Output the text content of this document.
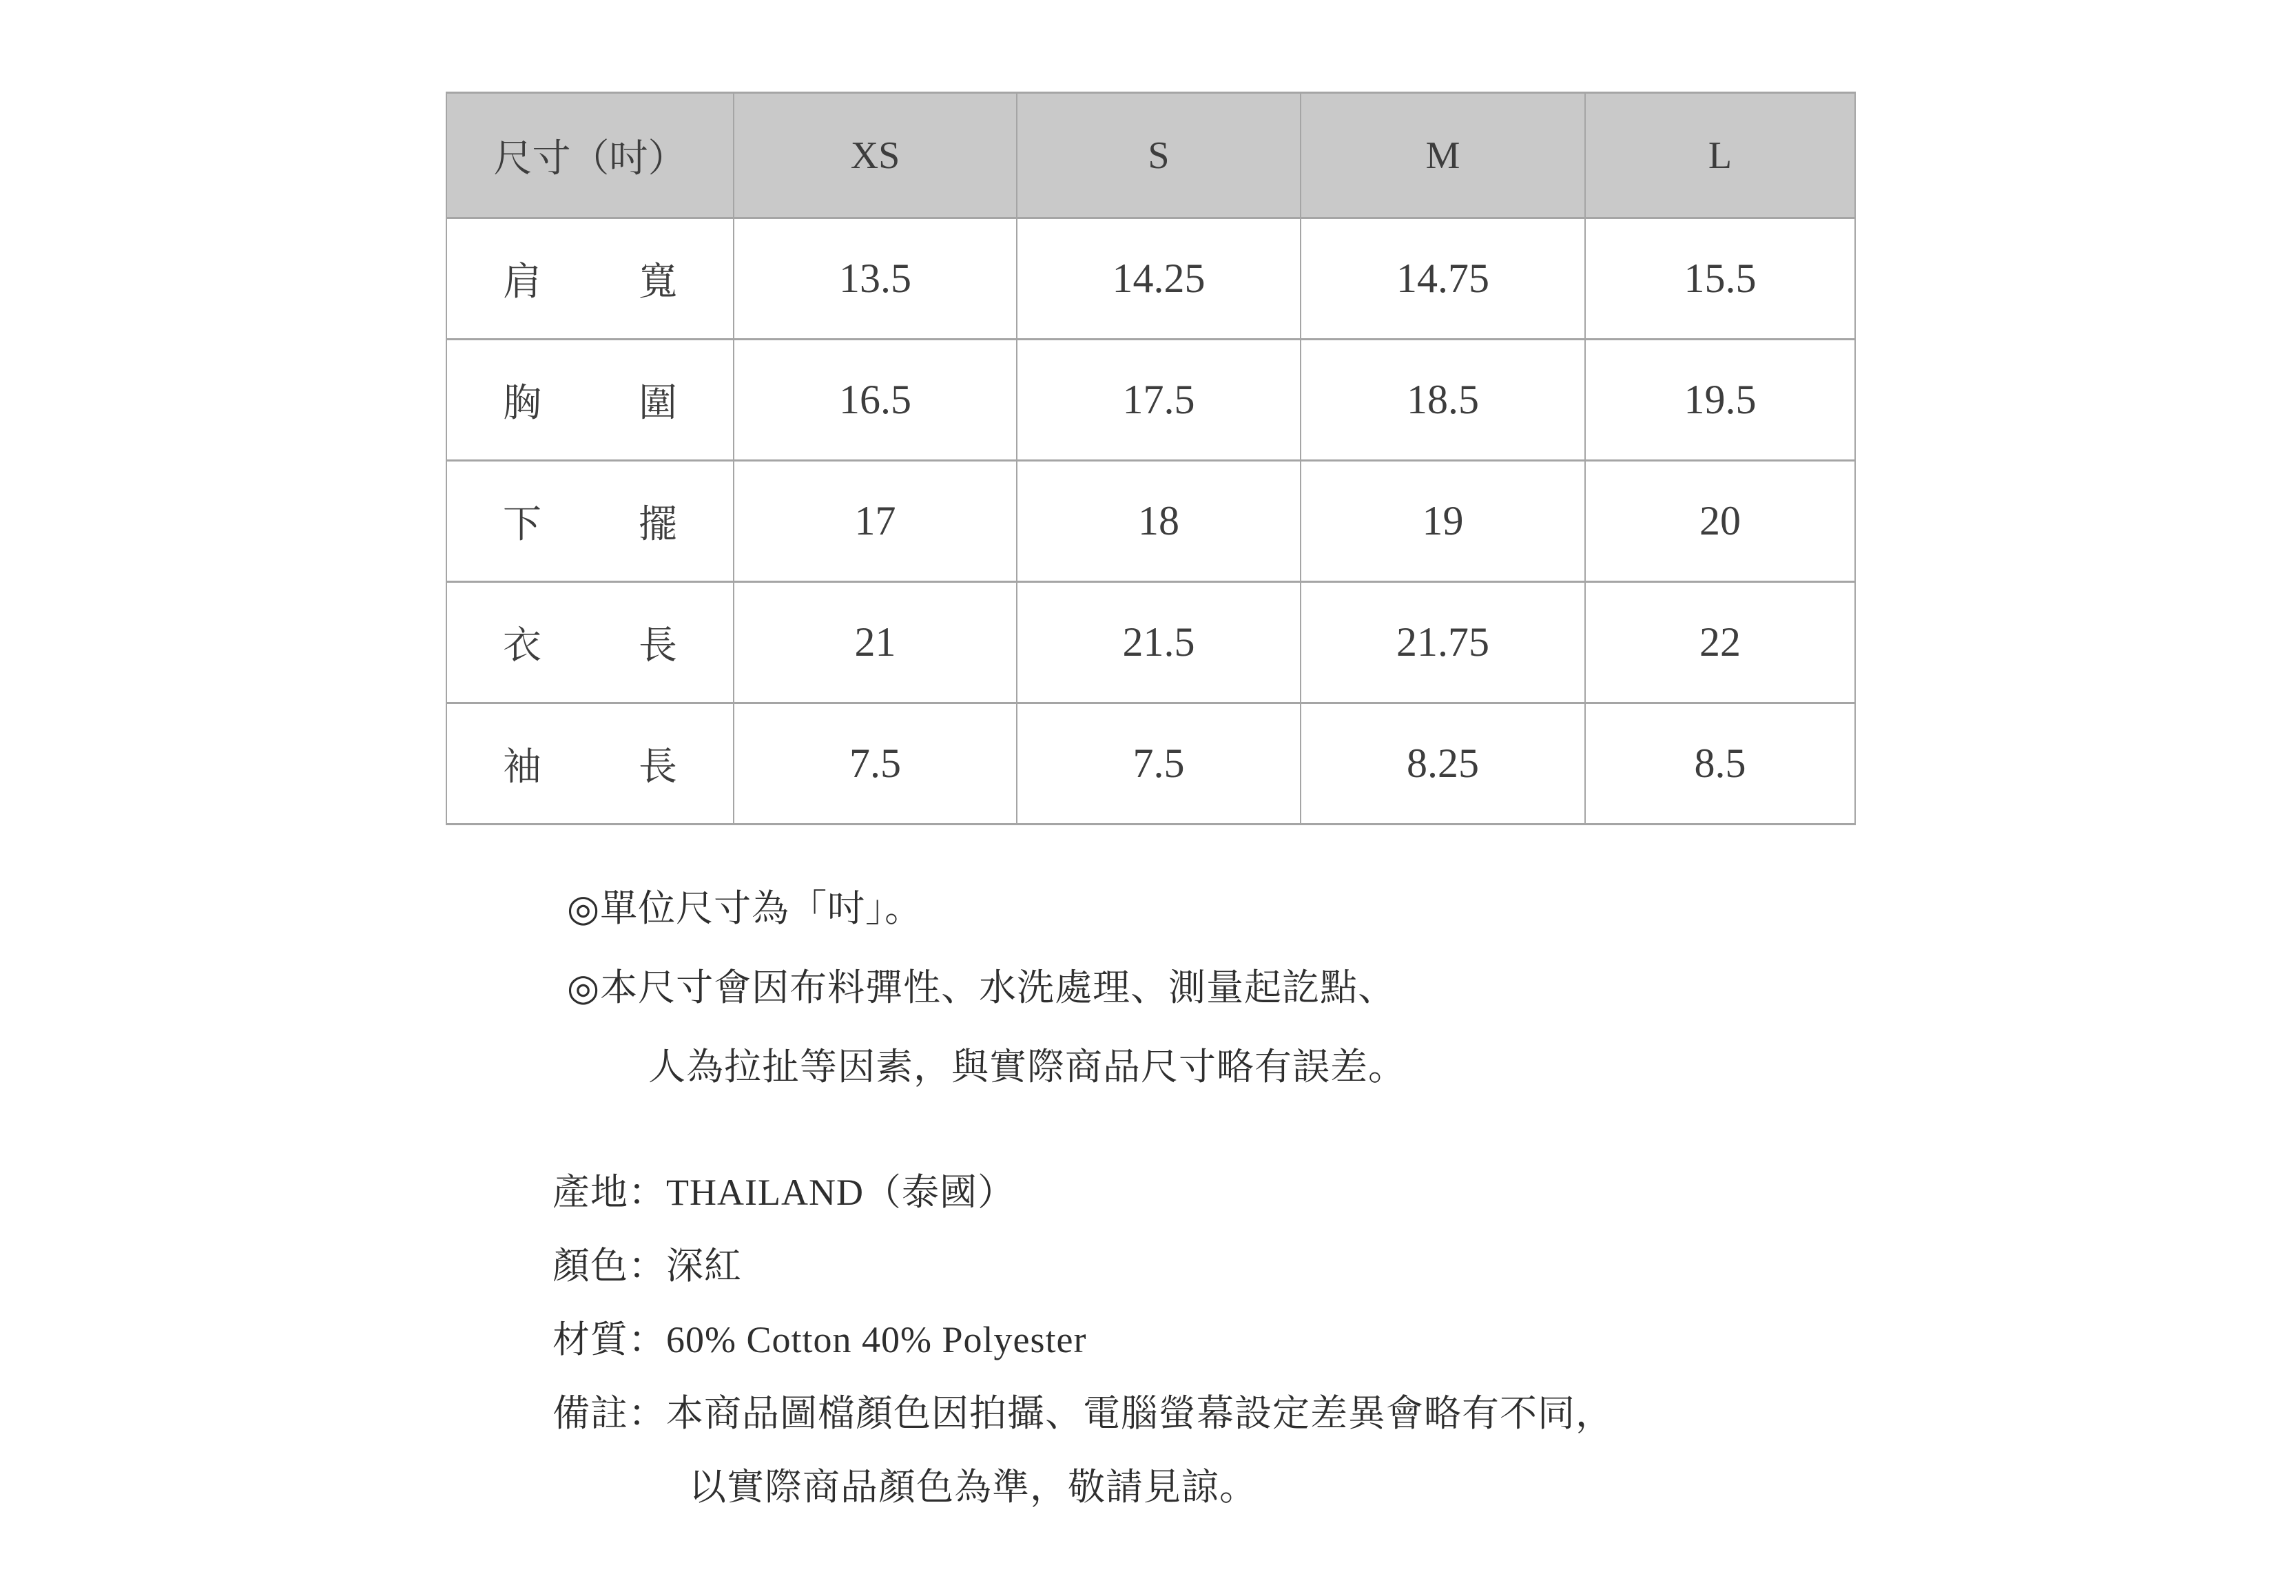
尺寸（吋）	XS	S	M	L

肩寬	13.5	14.25	14.75	15.5

胸圍	16.5	17.5	18.5	19.5

下擺	17	18	19	20

衣長	21	21.5	21.75	22

袖長	7.5	7.5	8.25	8.5
◎單位尺寸為「吋」。
◎本尺寸會因布料彈性、水洗處理、測量起訖點、
人為拉扯等因素，與實際商品尺寸略有誤差。
產地：THAILAND（泰國）
顏色：深紅
材質：60% Cotton 40% Polyester
備註：本商品圖檔顏色因拍攝、電腦螢幕設定差異會略有不同，
以實際商品顏色為準，敬請見諒。
